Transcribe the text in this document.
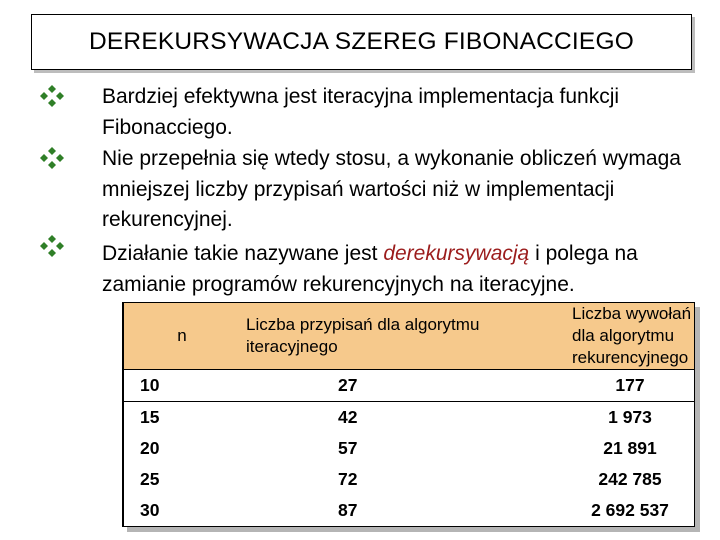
DEREKURSYWACJA SZEREG FIBONACCIEGO
Bardziej efektywna jest iteracyjna implementacja funkcji Fibonacciego.
Nie przepełnia się wtedy stosu, a wykonanie obliczeń wymaga mniejszej liczby przypisań wartości niż w implementacji rekurencyjnej.
Działanie takie nazywane jest derekursywacją i polega na zamianie programów rekurencyjnych na iteracyjne.
n	Liczba przypisań dla algorytmu iteracyjnego	Liczba wywołań dla algorytmu rekurencyjnego
10	27	177
15	42	1 973
20	57	21 891
25	72	242 785
30	87	2 692 537
